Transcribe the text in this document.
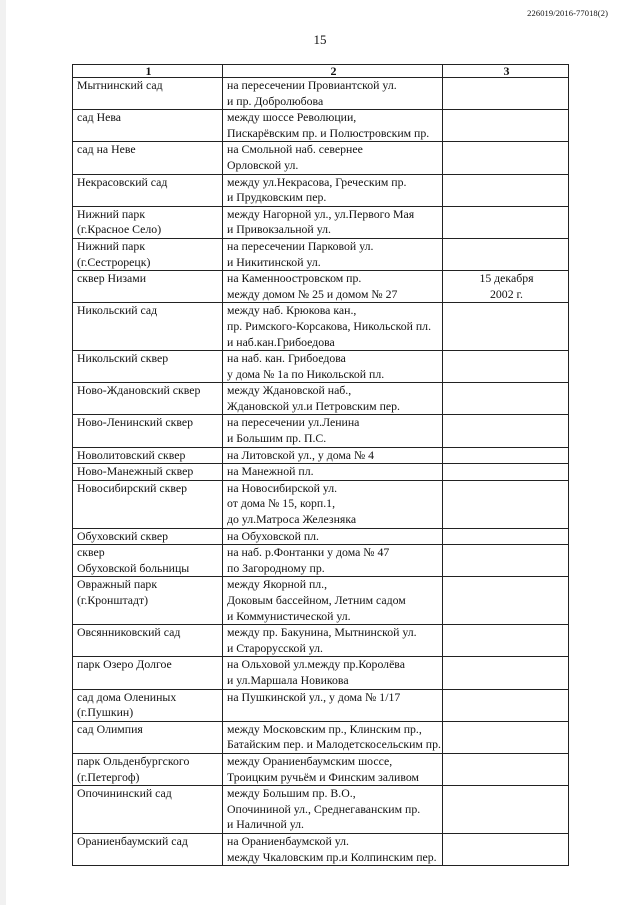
226019/2016-77018(2)
15
1	2	3

Мытнинский сад	на пересечении Провиантской ул.
и пр. Добролюбова	

сад Нева	между шоссе Революции,
Пискарёвским пр. и Полюстровским пр.	

сад на Неве	на Смольной наб. севернее
Орловской ул.	

Некрасовский сад	между ул.Некрасова, Греческим пр.
и Прудковским пер.	

Нижний парк
(г.Красное Село)	между Нагорной ул., ул.Первого Мая
и Привокзальной ул.	

Нижний парк
(г.Сестрорецк)	на пересечении Парковой ул.
и Никитинской ул.	

сквер Низами	на Каменноостровском пр.
между домом № 25 и домом № 27	15 декабря
2002 г.

Никольский сад	между наб. Крюкова кан.,
пр. Римского-Корсакова, Никольской пл.
и наб.кан.Грибоедова	

Никольский сквер	на наб. кан. Грибоедова
у дома № 1а по Никольской пл.	

Ново-Ждановский сквер	между Ждановской наб.,
Ждановской ул.и Петровским пер.	

Ново-Ленинский сквер	на пересечении ул.Ленина
и Большим пр. П.С.	

Новолитовский сквер	на Литовской ул., у дома № 4	

Ново-Манежный сквер	на Манежной пл.	

Новосибирский сквер	на Новосибирской ул.
от дома № 15, корп.1,
до ул.Матроса Железняка	

Обуховский сквер	на Обуховской пл.	

сквер
Обуховской больницы	на наб. р.Фонтанки у дома № 47
по Загородному пр.	

Овражный парк
(г.Кронштадт)	между Якорной пл.,
Доковым бассейном, Летним садом
и Коммунистической ул.	

Овсянниковский сад	между пр. Бакунина, Мытнинской ул.
и Старорусской ул.	

парк Озеро Долгое	на Ольховой ул.между пр.Королёва
и ул.Маршала Новикова	

сад дома Олениных
(г.Пушкин)	на Пушкинской ул., у дома № 1/17	

сад Олимпия	между Московским пр., Клинским пр.,
Батайским пер. и Малодетскосельским пр.	

парк Ольденбургского
(г.Петергоф)	между Ораниенбаумским шоссе,
Троицким ручьём и Финским заливом	

Опочининский сад	между Большим пр. В.О.,
Опочининой ул., Среднегаванским пр.
и Наличной ул.	

Ораниенбаумский сад	на Ораниенбаумской ул.
между Чкаловским пр.и Колпинским пер.	
